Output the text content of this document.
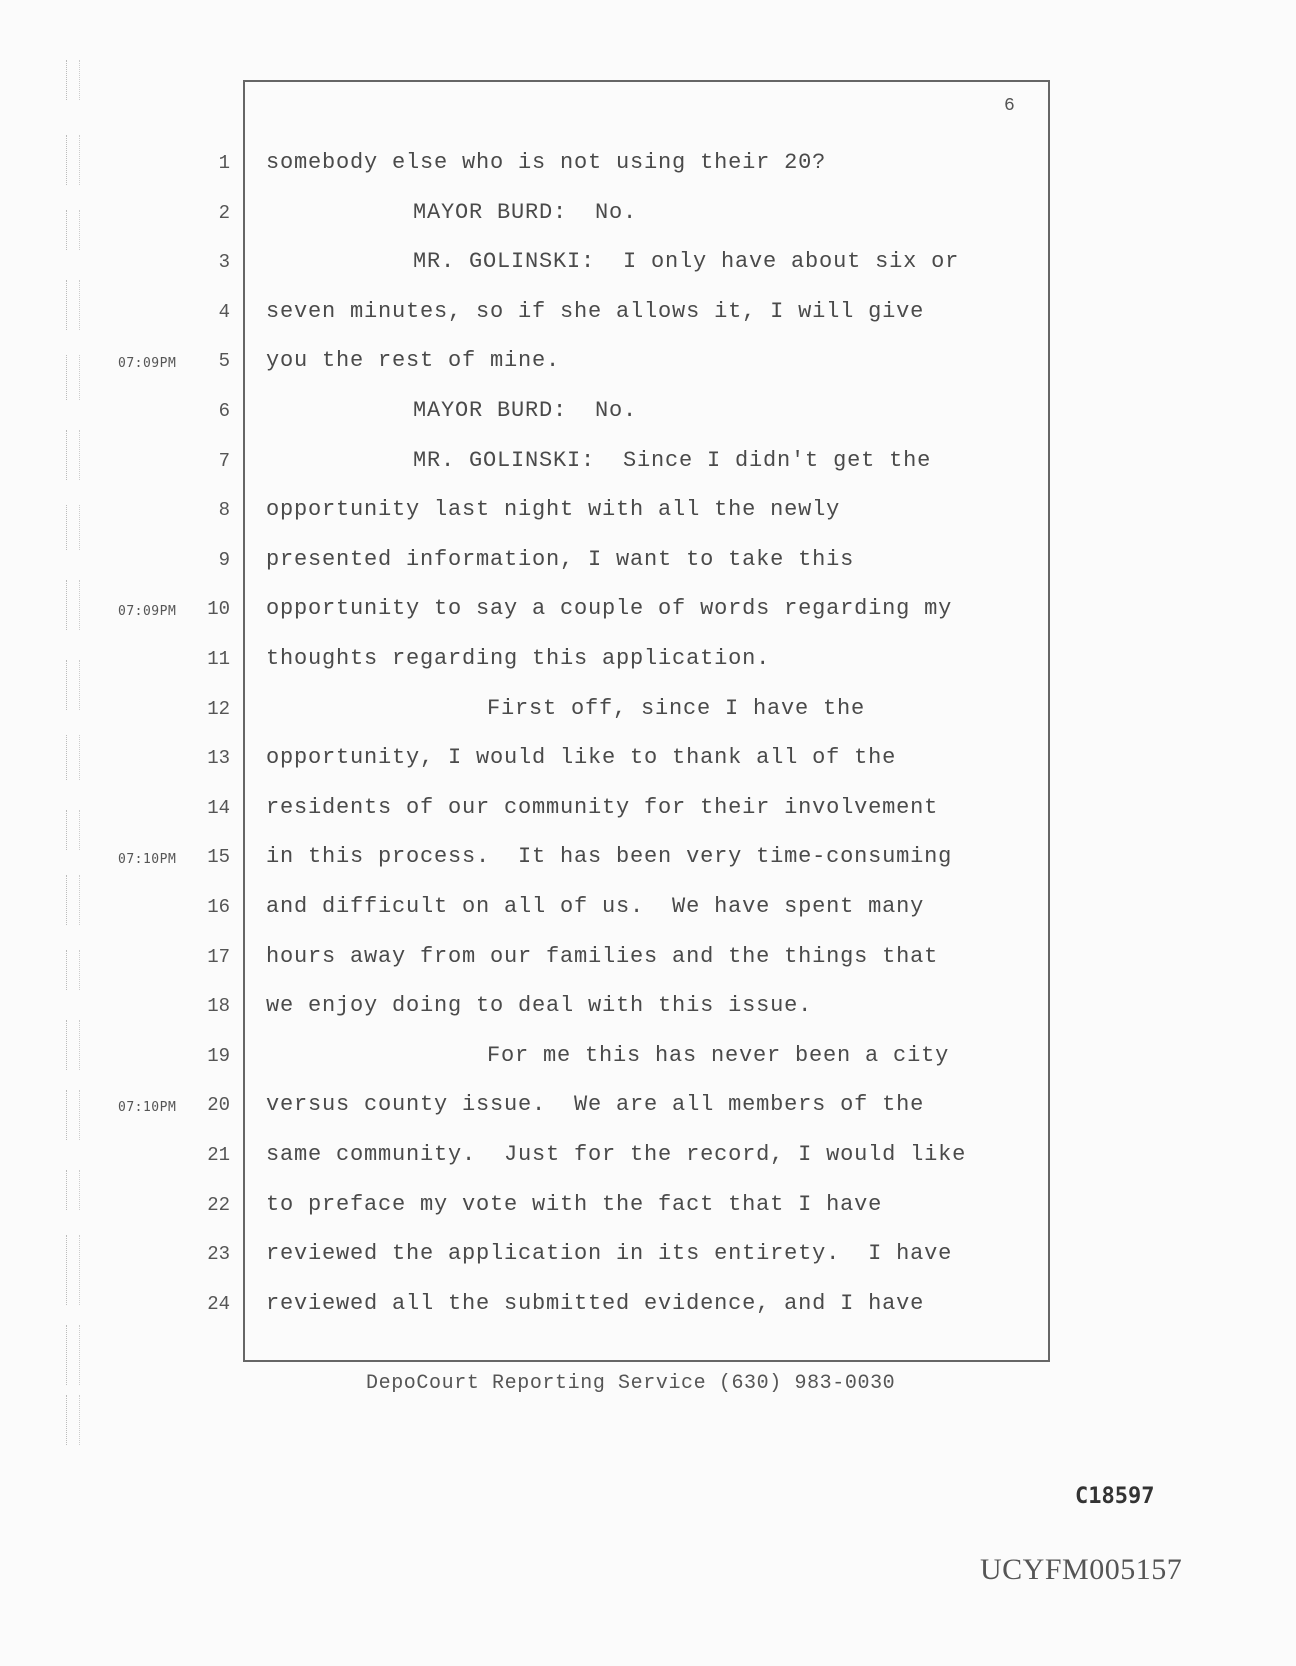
6
1 somebody else who is not using their 20?
2	MAYOR BURD:  No.
3	MR. GOLINSKI:  I only have about six or
4 seven minutes, so if she allows it, I will give
07:09PM	5 you the rest of mine.
6	MAYOR BURD:  No.
7	MR. GOLINSKI:  Since I didn't get the
8 opportunity last night with all the newly
9 presented information, I want to take this
07:09PM	10 opportunity to say a couple of words regarding my
11 thoughts regarding this application.
12	First off, since I have the
13 opportunity, I would like to thank all of the
14 residents of our community for their involvement
07:10PM	15 in this process.  It has been very time-consuming
16 and difficult on all of us.  We have spent many
17 hours away from our families and the things that
18 we enjoy doing to deal with this issue.
19	For me this has never been a city
07:10PM	20 versus county issue.  We are all members of the
21 same community.  Just for the record, I would like
22 to preface my vote with the fact that I have
23 reviewed the application in its entirety.  I have
24 reviewed all the submitted evidence, and I have
DepoCourt Reporting Service (630) 983-0030
C18597
UCYFM005157
